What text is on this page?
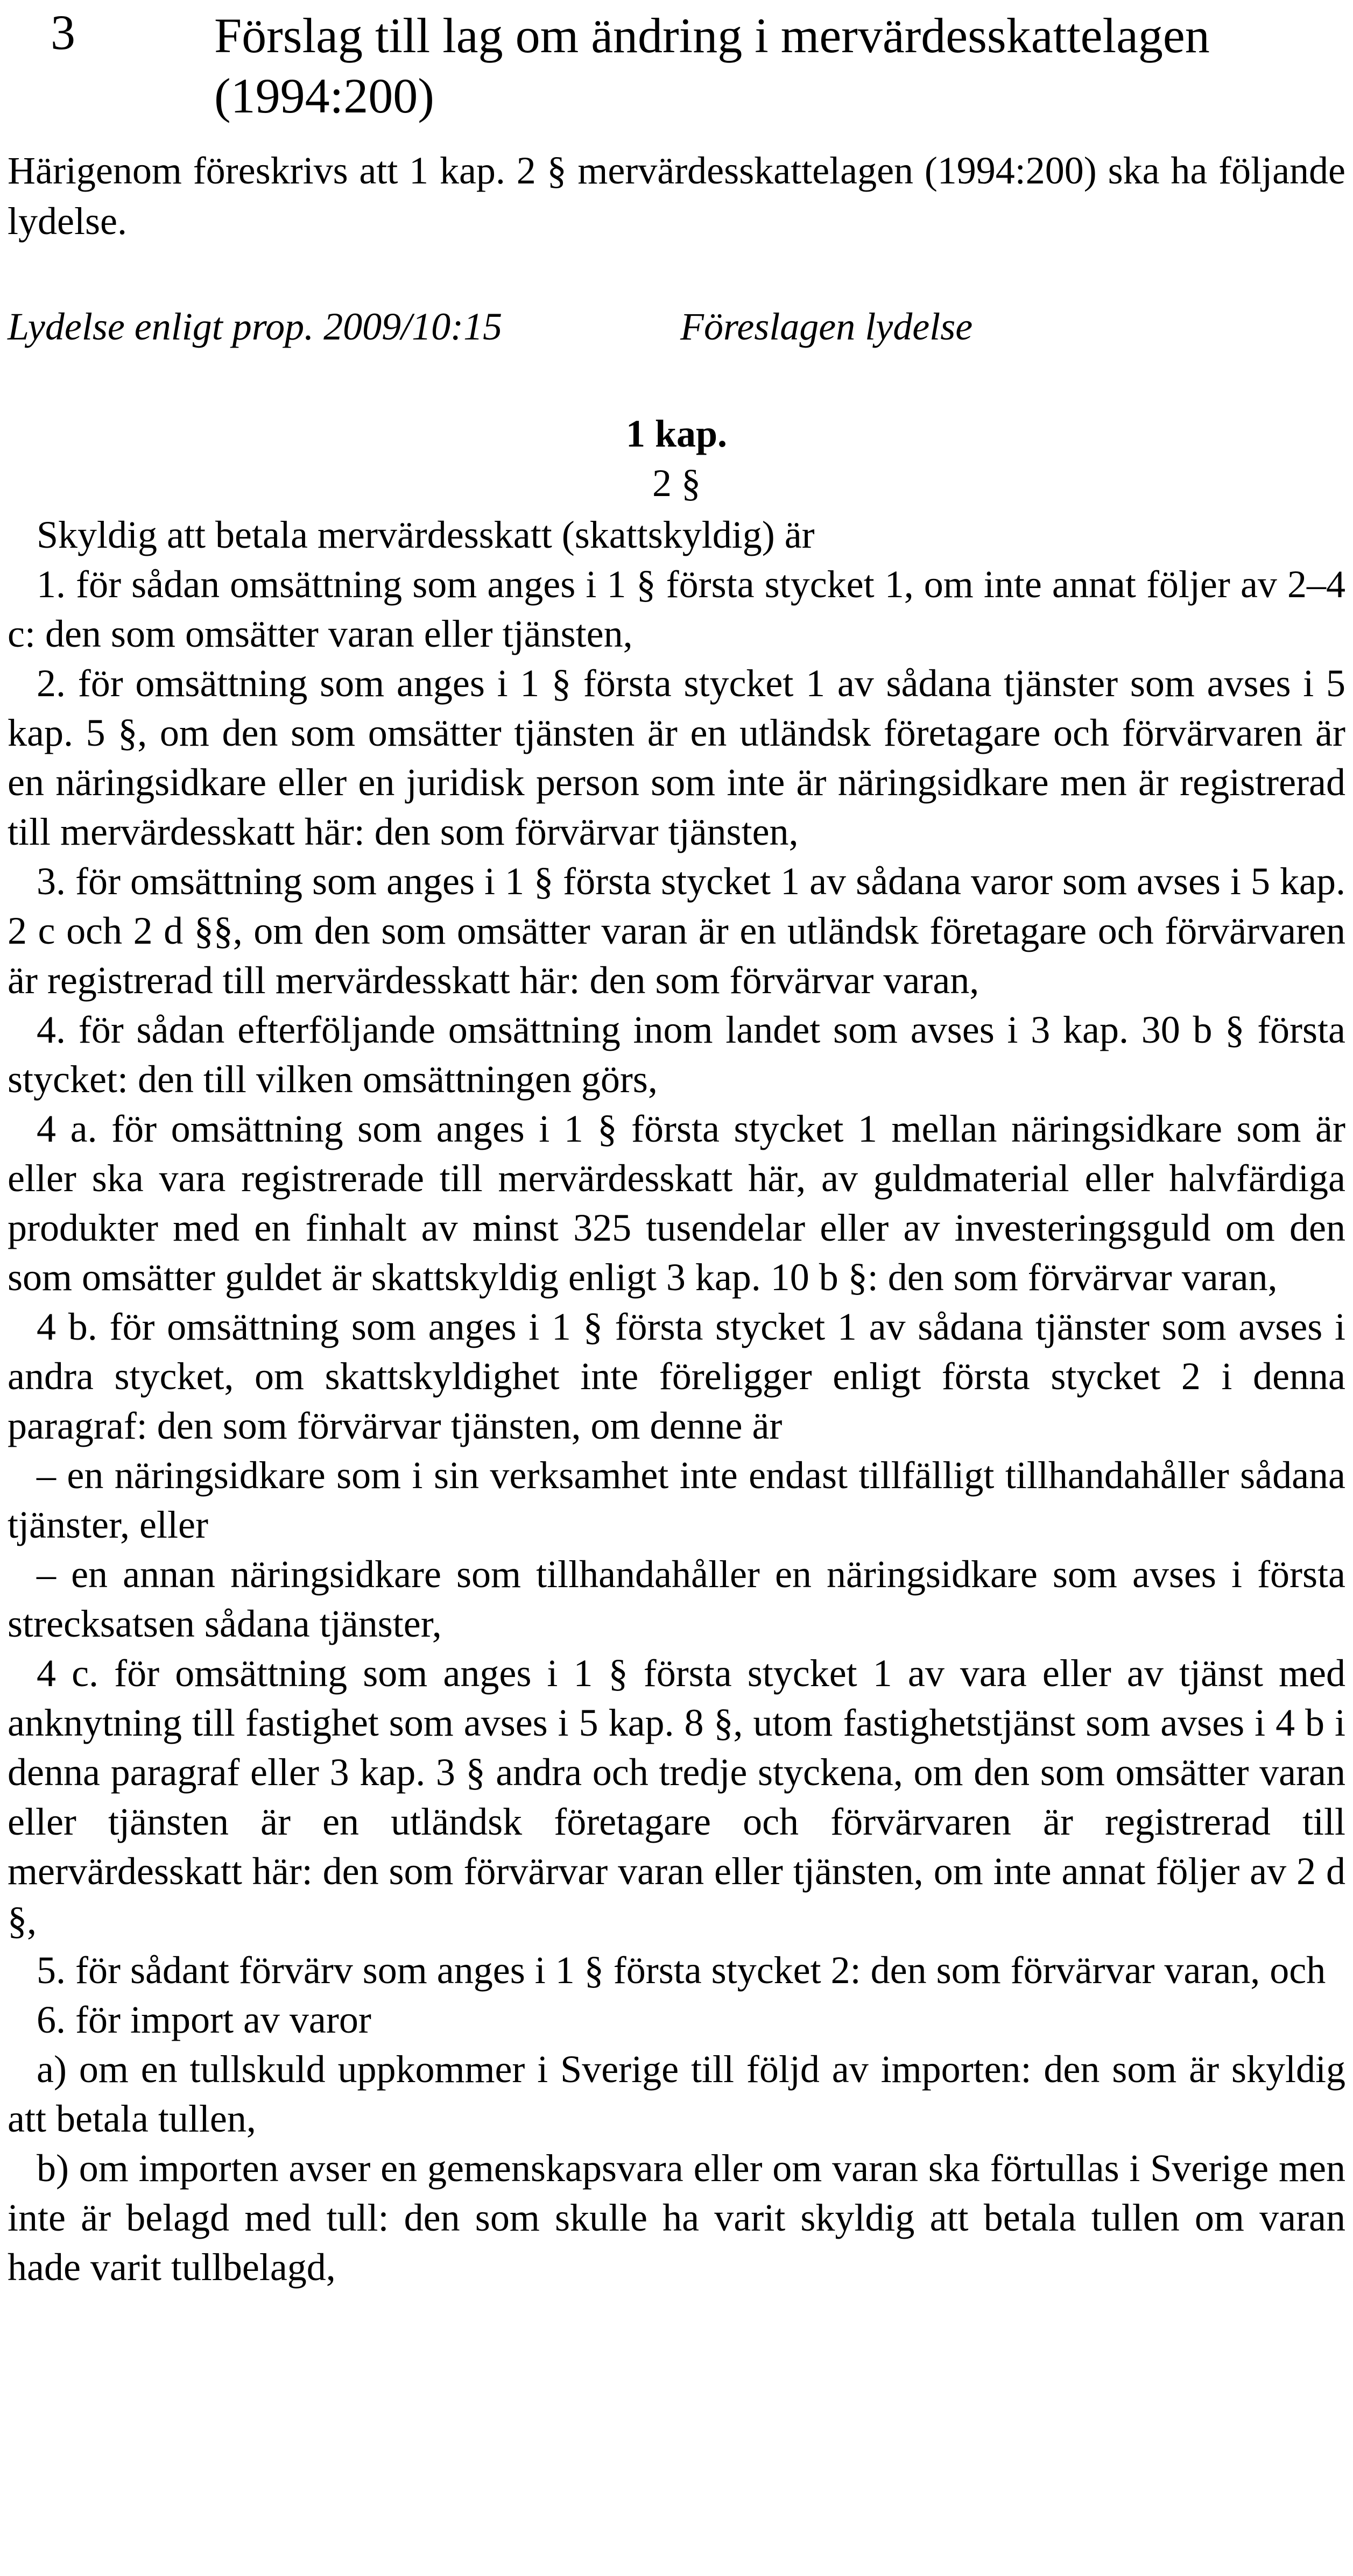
3	Förslag till lag om ändring i mervärdesskattelagen (1994:200)

Härigenom föreskrivs att 1 kap. 2 § mervärdesskattelagen (1994:200) ska ha följande lydelse.

Lydelse enligt prop. 2009/10:15	Föreslagen lydelse
1 kap.
2 §

Skyldig att betala mervärdesskatt (skattskyldig) är

1. för sådan omsättning som anges i 1 § första stycket 1, om inte annat följer av 2–4 c: den som omsätter varan eller tjänsten,

2. för omsättning som anges i 1 § första stycket 1 av sådana tjänster som avses i 5 kap. 5 §, om den som omsätter tjänsten är en utländsk företagare och förvärvaren är en näringsidkare eller en juridisk person som inte är näringsidkare men är registrerad till mervärdesskatt här: den som förvärvar tjänsten,

3. för omsättning som anges i 1 § första stycket 1 av sådana varor som avses i 5 kap. 2 c och 2 d §§, om den som omsätter varan är en utländsk företagare och förvärvaren är registrerad till mervärdesskatt här: den som förvärvar varan,

4. för sådan efterföljande omsättning inom landet som avses i 3 kap. 30 b § första stycket: den till vilken omsättningen görs,

4 a. för omsättning som anges i 1 § första stycket 1 mellan näringsidkare som är eller ska vara registrerade till mervärdesskatt här, av guldmaterial eller halvfärdiga produkter med en finhalt av minst 325 tusendelar eller av investeringsguld om den som omsätter guldet är skattskyldig enligt 3 kap. 10 b §: den som förvärvar varan,

4 b. för omsättning som anges i 1 § första stycket 1 av sådana tjänster som avses i andra stycket, om skattskyldighet inte föreligger enligt första stycket 2 i denna paragraf: den som förvärvar tjänsten, om denne är

– en näringsidkare som i sin verksamhet inte endast tillfälligt tillhandahåller sådana tjänster, eller

– en annan näringsidkare som tillhandahåller en näringsidkare som avses i första strecksatsen sådana tjänster,

4 c. för omsättning som anges i 1 § första stycket 1 av vara eller av tjänst med anknytning till fastighet som avses i 5 kap. 8 §, utom fastighetstjänst som avses i 4 b i denna paragraf eller 3 kap. 3 § andra och tredje styckena, om den som omsätter varan eller tjänsten är en utländsk företagare och förvärvaren är registrerad till mervärdesskatt här: den som förvärvar varan eller tjänsten, om inte annat följer av 2 d §,

5. för sådant förvärv som anges i 1 § första stycket 2: den som förvärvar varan, och

6. för import av varor

a) om en tullskuld uppkommer i Sverige till följd av importen: den som är skyldig att betala tullen,

b) om importen avser en gemenskapsvara eller om varan ska förtullas i Sverige men inte är belagd med tull: den som skulle ha varit skyldig att betala tullen om varan hade varit tullbelagd,
